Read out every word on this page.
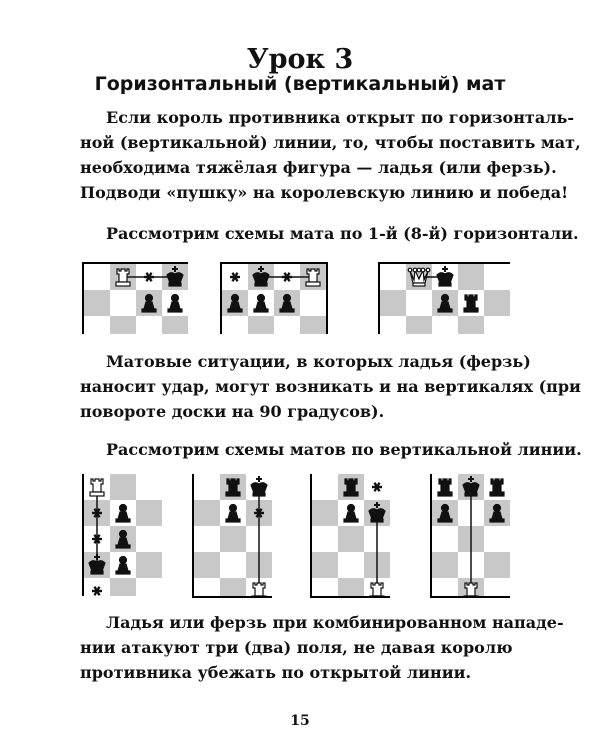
Урок 3
Горизонтальный (вертикальный) мат
Если король противника открыт по горизонталь-
ной (вертикальной) линии, то, чтобы поставить мат,
необходима тяжёлая фигура — ладья (или ферзь).
Подводи «пушку» на королевскую линию и победа!
Рассмотрим схемы мата по 1-й (8-й) горизонтали.
Матовые ситуации, в которых ладья (ферзь)
наносит удар, могут возникать и на вертикалях (при
повороте доски на 90 градусов).
Рассмотрим схемы матов по вертикальной линии.
Ладья или ферзь при комбинированном нападе-
нии атакуют три (два) поля, не давая королю
противника убежать по открытой линии.
15
